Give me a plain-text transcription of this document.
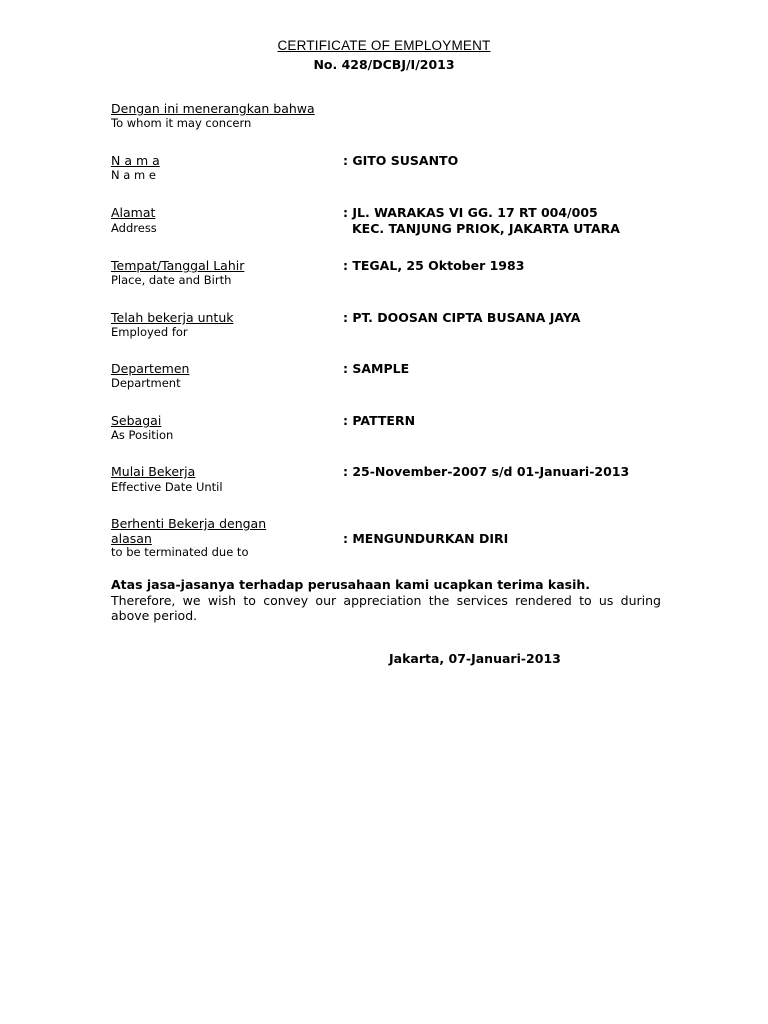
CERTIFICATE OF EMPLOYMENT
No. 428/DCBJ/I/2013
Dengan ini menerangkan bahwa
To whom it may concern
N a m a
N a m e
: GITO SUSANTO
Alamat
Address
: JL. WARAKAS VI GG. 17 RT 004/005
KEC. TANJUNG PRIOK, JAKARTA UTARA
Tempat/Tanggal Lahir
Place, date and Birth
: TEGAL, 25 Oktober 1983
Telah bekerja untuk
Employed for
: PT. DOOSAN CIPTA BUSANA JAYA
Departemen
Department
: SAMPLE
Sebagai
As Position
: PATTERN
Mulai Bekerja
Effective Date Until
: 25-November-2007 s/d 01-Januari-2013
Berhenti Bekerja dengan
alasan
to be terminated due to
: MENGUNDURKAN DIRI
Atas jasa-jasanya terhadap perusahaan kami ucapkan terima kasih.
Therefore, we wish to convey our appreciation the services rendered to us during above period.
Jakarta, 07-Januari-2013
